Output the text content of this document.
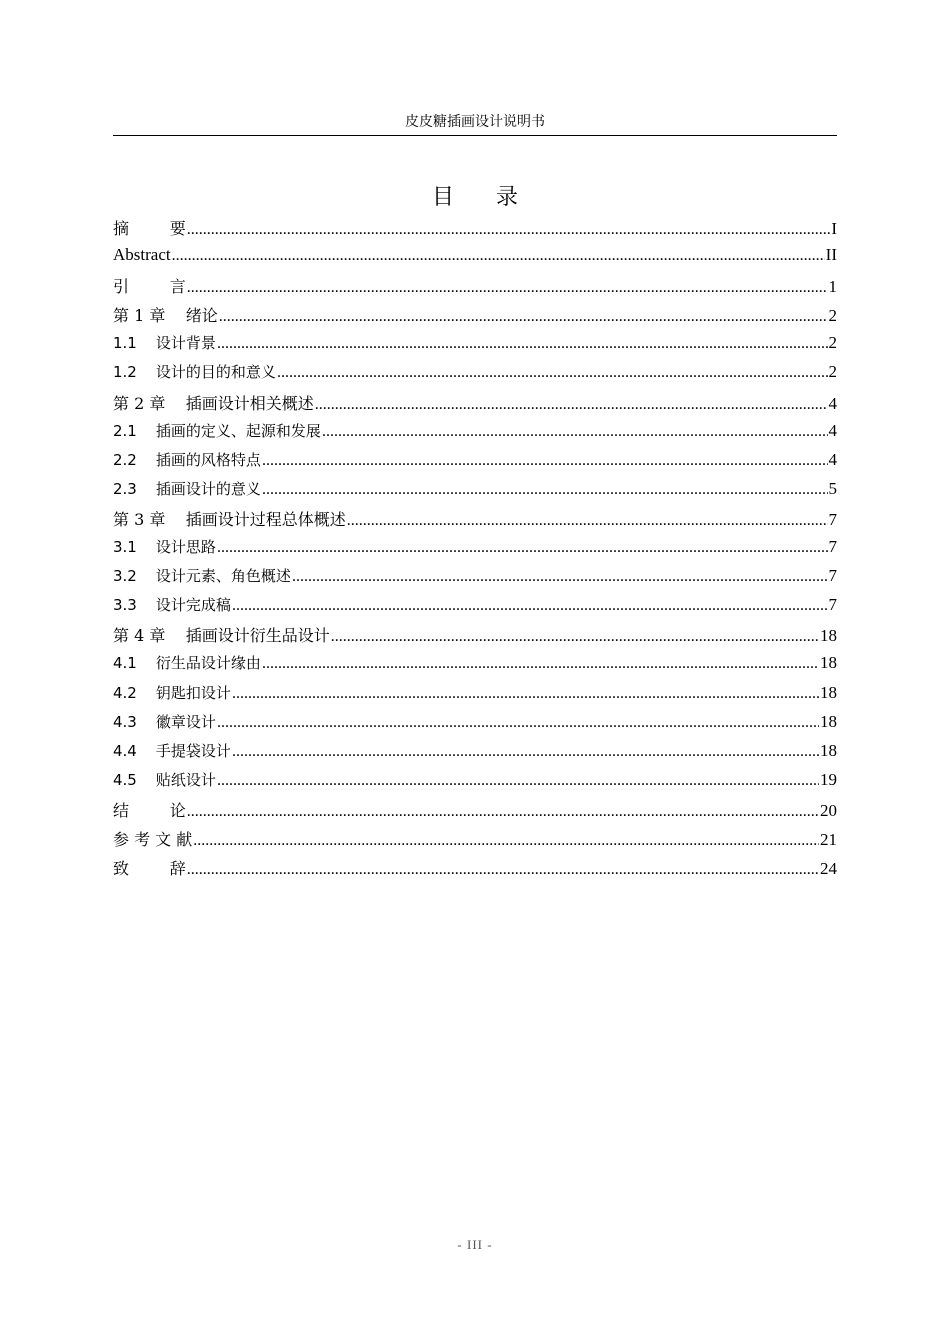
皮皮糖插画设计说明书
目录
摘        要 .....	I
Abstract .....	II
引        言 .....	1
第 1 章    绪论 .....	2
1.1    设计背景 .....	2
1.2    设计的目的和意义 .....	2
第 2 章    插画设计相关概述 .....	4
2.1    插画的定义、起源和发展 .....	4
2.2    插画的风格特点 .....	4
2.3    插画设计的意义 .....	5
第 3 章    插画设计过程总体概述 .....	7
3.1    设计思路 .....	7
3.2    设计元素、角色概述 .....	7
3.3    设计完成稿 .....	7
第 4 章    插画设计衍生品设计 .....	18
4.1    衍生品设计缘由 .....	18
4.2    钥匙扣设计 .....	18
4.3    徽章设计 .....	18
4.4    手提袋设计 .....	18
4.5    贴纸设计 .....	19
结        论 .....	20
参 考 文 献 .....	21
致        辞 .....	24
- III -
